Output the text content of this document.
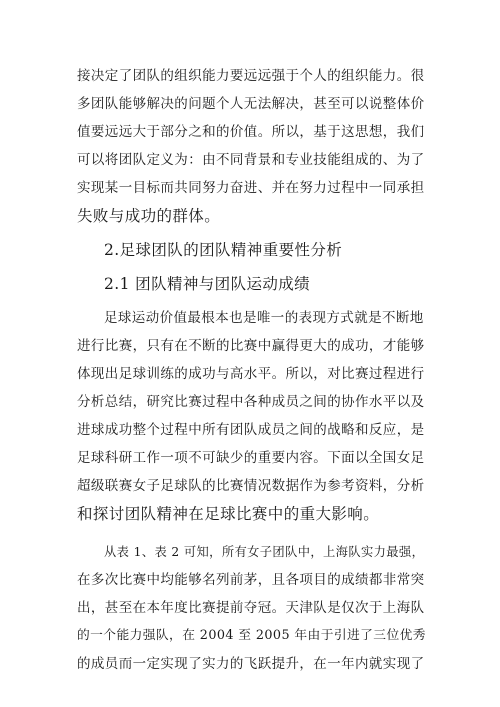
接决定了团队的组织能力要远远强于个人的组织能力。很
多团队能够解决的问题个人无法解决，甚至可以说整体价
值要远远大于部分之和的价值。所以，基于这思想，我们
可以将团队定义为：由不同背景和专业技能组成的、为了
实现某一目标而共同努力奋进、并在努力过程中一同承担
失败与成功的群体。
2.足球团队的团队精神重要性分析
2.1 团队精神与团队运动成绩
足球运动价值最根本也是唯一的表现方式就是不断地
进行比赛，只有在不断的比赛中赢得更大的成功，才能够
体现出足球训练的成功与高水平。所以，对比赛过程进行
分析总结，研究比赛过程中各种成员之间的协作水平以及
进球成功整个过程中所有团队成员之间的战略和反应，是
足球科研工作一项不可缺少的重要内容。下面以全国女足
超级联赛女子足球队的比赛情况数据作为参考资料，分析
和探讨团队精神在足球比赛中的重大影响。
从表 1、表 2 可知，所有女子团队中，上海队实力最强，
在多次比赛中均能够名列前茅，且各项目的成绩都非常突
出，甚至在本年度比赛提前夺冠。天津队是仅次于上海队
的一个能力强队，在 2004 至 2005 年由于引进了三位优秀
的成员而一定实现了实力的飞跃提升，在一年内就实现了
